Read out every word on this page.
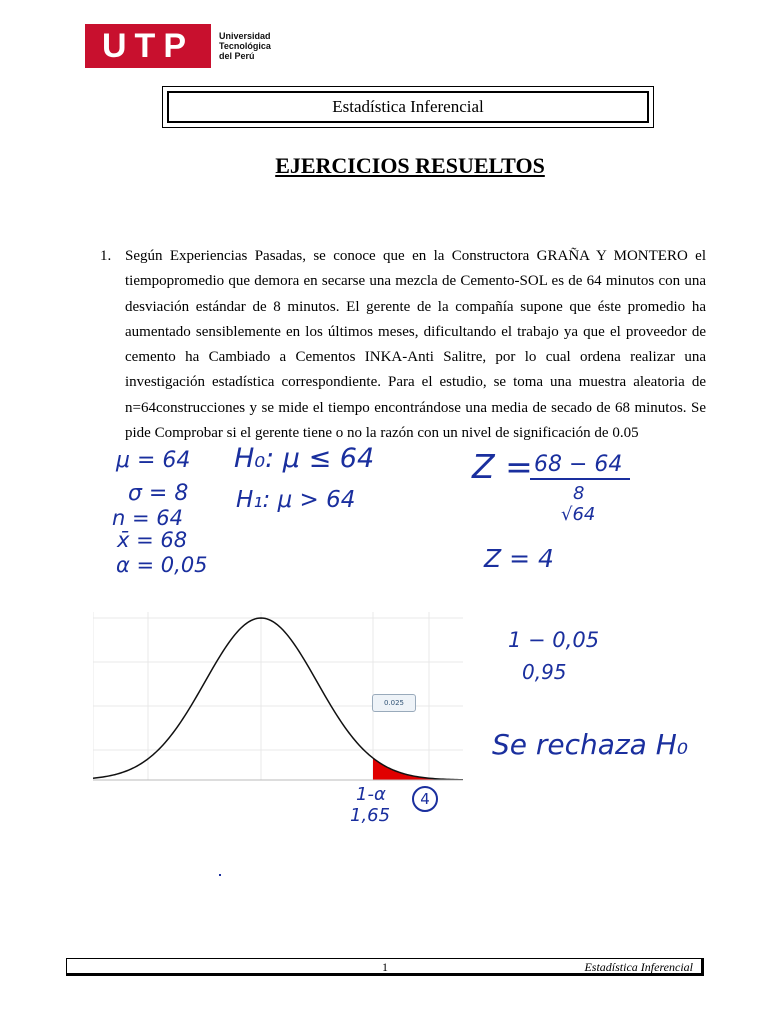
UTP	Universidad
Tecnológica
del Perú
Estadística Inferencial
EJERCICIOS RESUELTOS
1. Según Experiencias Pasadas, se conoce que en la Constructora GRAÑA Y MONTERO el tiempopromedio que demora en secarse una mezcla de Cemento-SOL es de 64 minutos con una desviación estándar de 8 minutos. El gerente de la compañía supone que éste promedio ha aumentado sensiblemente en los últimos meses, dificultando el trabajo ya que el proveedor de cemento ha Cambiado a Cementos INKA-Anti Salitre, por lo cual ordena realizar una investigación estadística correspondiente. Para el estudio, se toma una muestra aleatoria de n=64construcciones y se mide el tiempo encontrándose una media de secado de 68 minutos. Se pide Comprobar si el gerente tiene o no la razón con un nivel de significación de 0.05
μ = 64
σ = 8
n = 64
x̄ = 68
α = 0,05
H₀: μ ≤ 64
H₁: μ > 64
Z = 68 − 64
8
√64
Z = 4
1 − 0,05
0,95
Se rechaza H₀
1-α
1,65
4
0.025
1	Estadística Inferencial
